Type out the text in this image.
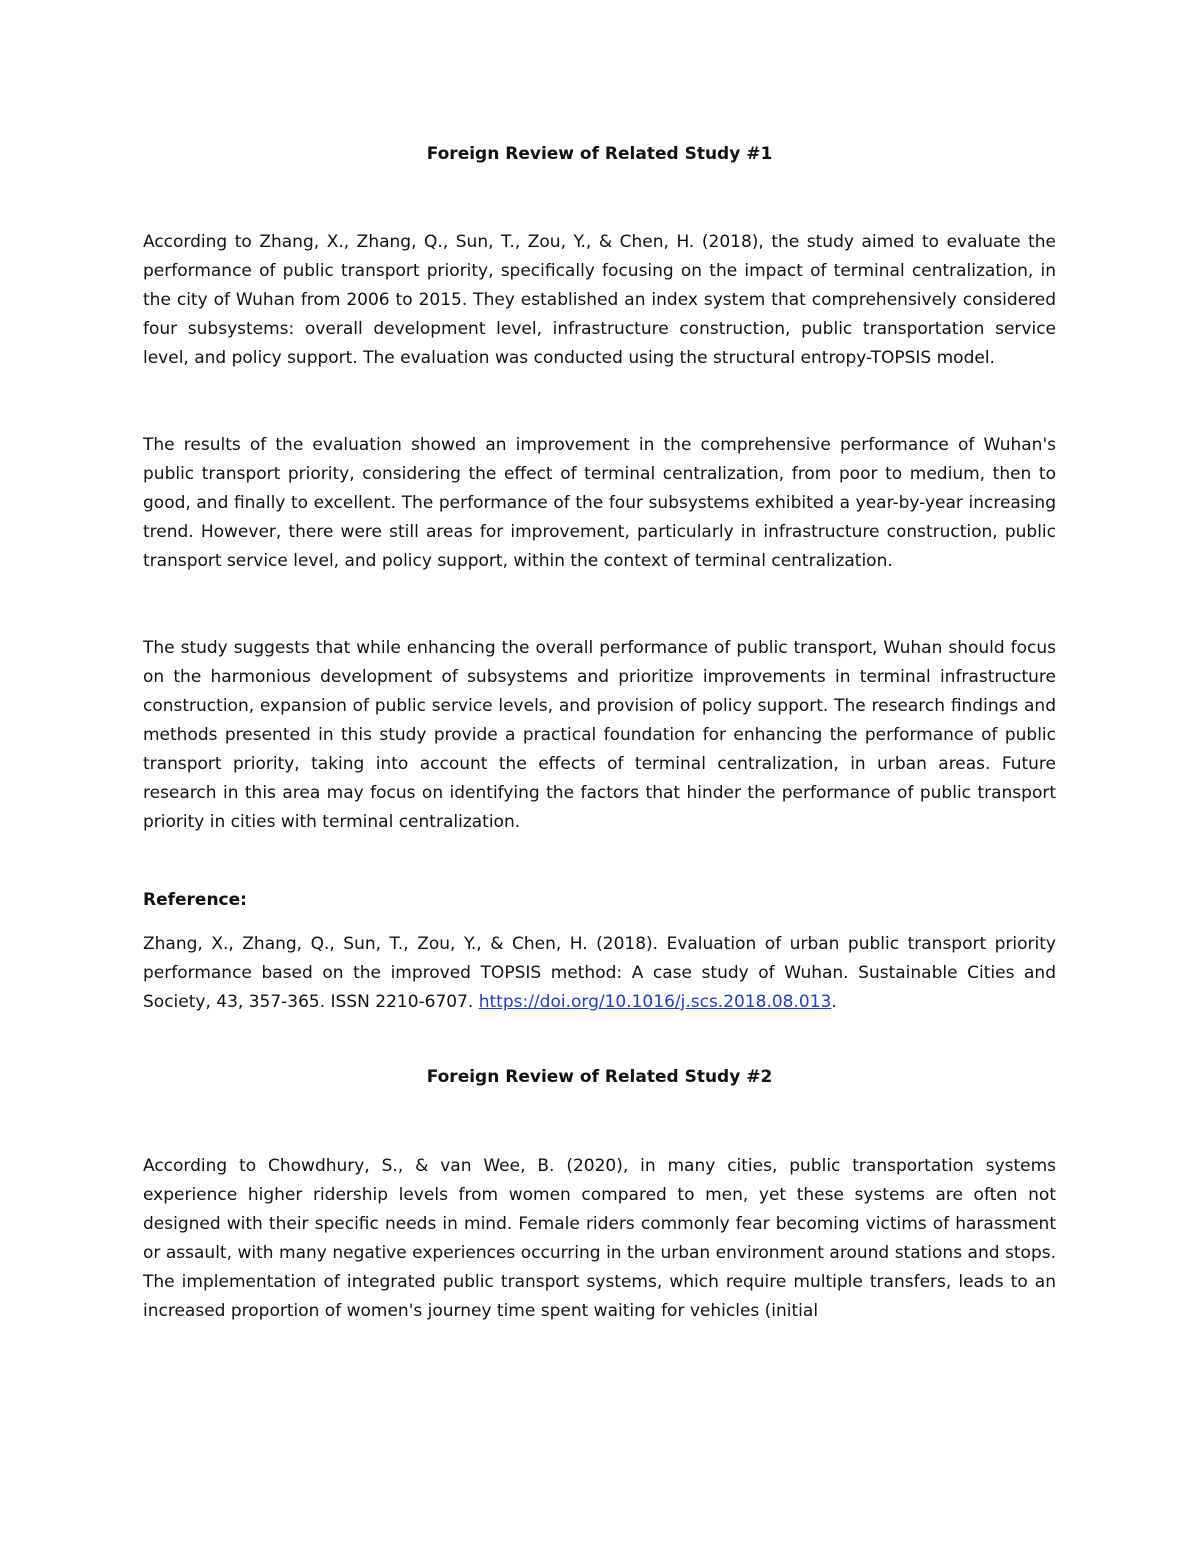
Foreign Review of Related Study #1

According to Zhang, X., Zhang, Q., Sun, T., Zou, Y., & Chen, H. (2018), the study aimed to evaluate the performance of public transport priority, specifically focusing on the impact of terminal centralization, in the city of Wuhan from 2006 to 2015. They established an index system that comprehensively considered four subsystems: overall development level, infrastructure construction, public transportation service level, and policy support. The evaluation was conducted using the structural entropy-TOPSIS model.

The results of the evaluation showed an improvement in the comprehensive performance of Wuhan's public transport priority, considering the effect of terminal centralization, from poor to medium, then to good, and finally to excellent. The performance of the four subsystems exhibited a year-by-year increasing trend. However, there were still areas for improvement, particularly in infrastructure construction, public transport service level, and policy support, within the context of terminal centralization.

The study suggests that while enhancing the overall performance of public transport, Wuhan should focus on the harmonious development of subsystems and prioritize improvements in terminal infrastructure construction, expansion of public service levels, and provision of policy support. The research findings and methods presented in this study provide a practical foundation for enhancing the performance of public transport priority, taking into account the effects of terminal centralization, in urban areas. Future research in this area may focus on identifying the factors that hinder the performance of public transport priority in cities with terminal centralization.

Reference:

Zhang, X., Zhang, Q., Sun, T., Zou, Y., & Chen, H. (2018). Evaluation of urban public transport priority performance based on the improved TOPSIS method: A case study of Wuhan. Sustainable Cities and Society, 43, 357-365. ISSN 2210-6707. https://doi.org/10.1016/j.scs.2018.08.013.

Foreign Review of Related Study #2

According to Chowdhury, S., & van Wee, B. (2020), in many cities, public transportation systems experience higher ridership levels from women compared to men, yet these systems are often not designed with their specific needs in mind. Female riders commonly fear becoming victims of harassment or assault, with many negative experiences occurring in the urban environment around stations and stops. The implementation of integrated public transport systems, which require multiple transfers, leads to an increased proportion of women's journey time spent waiting for vehicles (initial
